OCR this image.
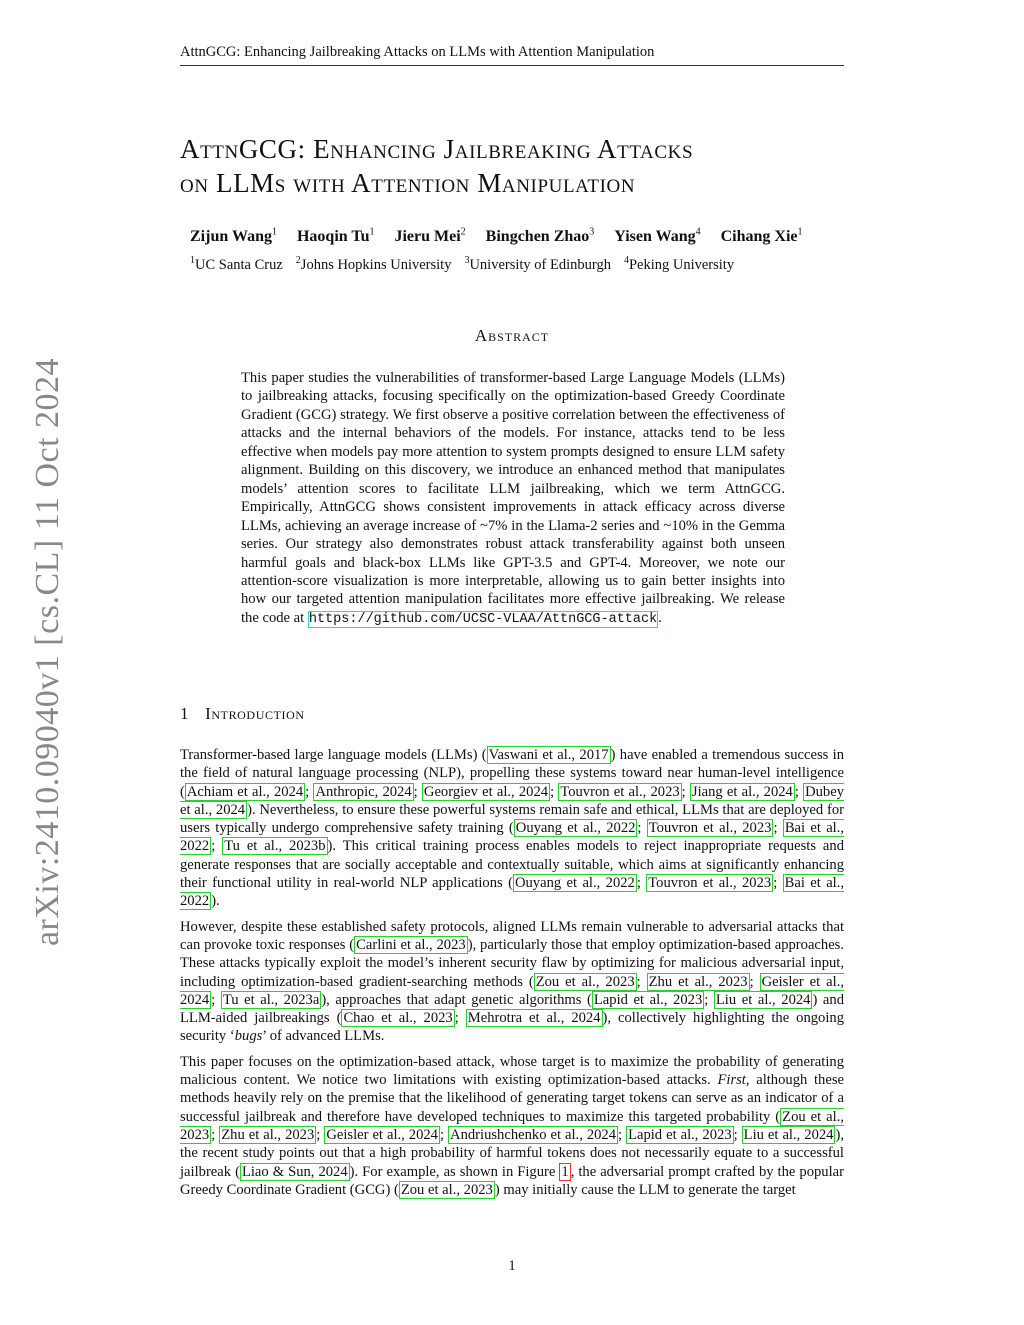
AttnGCG: Enhancing Jailbreaking Attacks on LLMs with Attention Manipulation
arXiv:2410.09040v1 [cs.CL] 11 Oct 2024
AttnGCG: Enhancing Jailbreaking Attacks
on LLMs with Attention Manipulation
Zijun Wang$^1$ Haoqin Tu$^1$ Jieru Mei$^2$ Bingchen Zhao$^3$ Yisen Wang$^4$ Cihang Xie$^1$
$^1$UC Santa Cruz $^2$Johns Hopkins University $^3$University of Edinburgh $^4$Peking University
Abstract
This paper studies the vulnerabilities of transformer-based Large Language Models (LLMs) to jailbreaking attacks, focusing specifically on the optimization-based Greedy Coordinate Gradient (GCG) strategy. We first observe a positive correlation between the effectiveness of attacks and the internal behaviors of the models. For instance, attacks tend to be less effective when models pay more attention to system prompts designed to ensure LLM safety alignment. Building on this discovery, we introduce an enhanced method that manipulates models’ attention scores to facilitate LLM jailbreaking, which we term AttnGCG. Empirically, AttnGCG shows consistent improvements in attack efficacy across diverse LLMs, achieving an average increase of ~7% in the Llama-2 series and ~10% in the Gemma series. Our strategy also demonstrates robust attack transferability against both unseen harmful goals and black-box LLMs like GPT-3.5 and GPT-4. Moreover, we note our attention-score visualization is more interpretable, allowing us to gain better insights into how our targeted attention manipulation facilitates more effective jailbreaking. We release the code at https://github.com/UCSC-VLAA/AttnGCG-attack.
1 Introduction

Transformer-based large language models (LLMs) ( Vaswani et al., 2017 ) have enabled a tremendous success in the field of natural language processing (NLP), propelling these systems toward near human-level intelligence ( Achiam et al., 2024 ; Anthropic, 2024 ; Georgiev et al., 2024 ; Touvron et al., 2023 ; Jiang et al., 2024 ; Dubey et al., 2024 ). Nevertheless, to ensure these powerful systems remain safe and ethical, LLMs that are deployed for users typically undergo comprehensive safety training ( Ouyang et al., 2022 ; Touvron et al., 2023 ; Bai et al., 2022 ; Tu et al., 2023b ). This critical training process enables models to reject inappropriate requests and generate responses that are socially acceptable and contextually suitable, which aims at significantly enhancing their functional utility in real-world NLP applications ( Ouyang et al., 2022 ; Touvron et al., 2023 ; Bai et al., 2022 ).

However, despite these established safety protocols, aligned LLMs remain vulnerable to adversarial attacks that can provoke toxic responses ( Carlini et al., 2023 ), particularly those that employ optimization-based approaches. These attacks typically exploit the model’s inherent security flaw by optimizing for malicious adversarial input, including optimization-based gradient-searching methods ( Zou et al., 2023 ; Zhu et al., 2023 ; Geisler et al., 2024 ; Tu et al., 2023a ), approaches that adapt genetic algorithms ( Lapid et al., 2023 ; Liu et al., 2024 ) and LLM-aided jailbreakings ( Chao et al., 2023 ; Mehrotra et al., 2024 ), collectively highlighting the ongoing security ‘bugs’ of advanced LLMs.

This paper focuses on the optimization-based attack, whose target is to maximize the probability of generating malicious content. We notice two limitations with existing optimization-based attacks. First, although these methods heavily rely on the premise that the likelihood of generating target tokens can serve as an indicator of a successful jailbreak and therefore have developed techniques to maximize this targeted probability ( Zou et al., 2023 ; Zhu et al., 2023 ; Geisler et al., 2024 ; Andriushchenko et al., 2024 ; Lapid et al., 2023 ; Liu et al., 2024 ), the recent study points out that a high probability of harmful tokens does not necessarily equate to a successful jailbreak ( Liao & Sun, 2024 ). For example, as shown in Figure 1 , the adversarial prompt crafted by the popular Greedy Coordinate Gradient (GCG) ( Zou et al., 2023 ) may initially cause the LLM to generate the target

1
